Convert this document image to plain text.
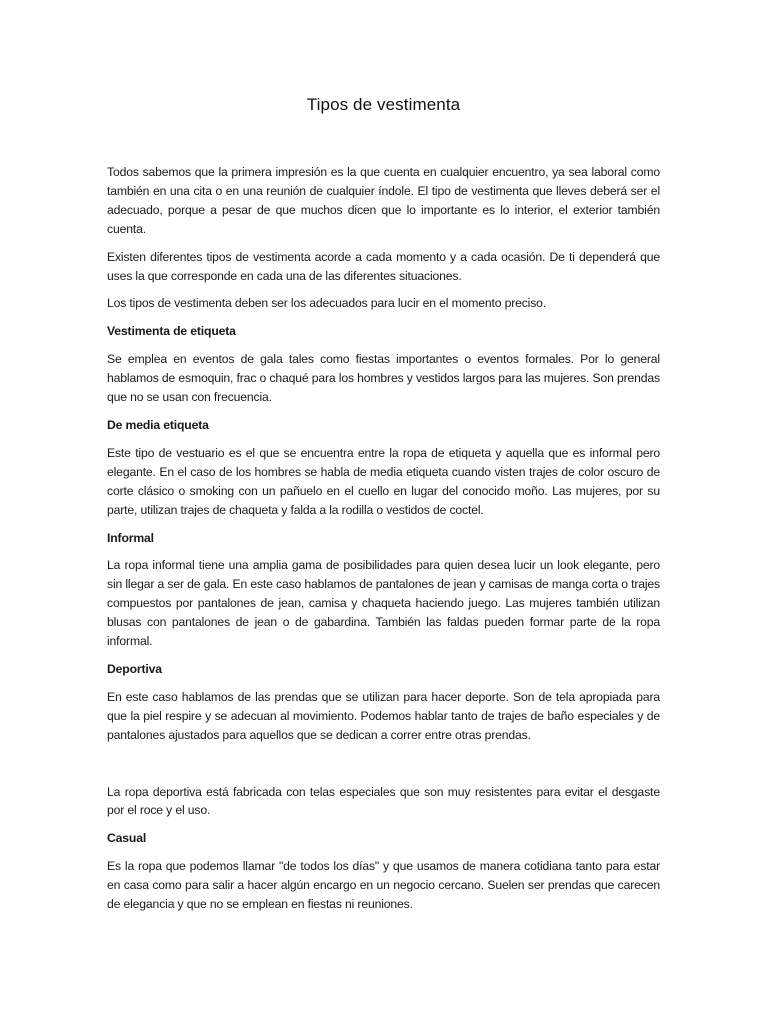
Tipos de vestimenta

Todos sabemos que la primera impresión es la que cuenta en cualquier encuentro, ya sea laboral como también en una cita o en una reunión de cualquier índole. El tipo de vestimenta que lleves deberá ser el adecuado, porque a pesar de que muchos dicen que lo importante es lo interior, el exterior también cuenta.

Existen diferentes tipos de vestimenta acorde a cada momento y a cada ocasión. De ti dependerá que uses la que corresponde en cada una de las diferentes situaciones.

Los tipos de vestimenta deben ser los adecuados para lucir en el momento preciso.

Vestimenta de etiqueta

Se emplea en eventos de gala tales como fiestas importantes o eventos formales. Por lo general hablamos de esmoquin, frac o chaqué para los hombres y vestidos largos para las mujeres. Son prendas que no se usan con frecuencia.

De media etiqueta

Este tipo de vestuario es el que se encuentra entre la ropa de etiqueta y aquella que es informal pero elegante. En el caso de los hombres se habla de media etiqueta cuando visten trajes de color oscuro de corte clásico o smoking con un pañuelo en el cuello en lugar del conocido moño. Las mujeres, por su parte, utilizan trajes de chaqueta y falda a la rodilla o vestidos de coctel.

Informal

La ropa informal tiene una amplia gama de posibilidades para quien desea lucir un look elegante, pero sin llegar a ser de gala. En este caso hablamos de pantalones de jean y camisas de manga corta o trajes compuestos por pantalones de jean, camisa y chaqueta haciendo juego. Las mujeres también utilizan blusas con pantalones de jean o de gabardina. También las faldas pueden formar parte de la ropa informal.

Deportiva

En este caso hablamos de las prendas que se utilizan para hacer deporte. Son de tela apropiada para que la piel respire y se adecuan al movimiento. Podemos hablar tanto de trajes de baño especiales y de pantalones ajustados para aquellos que se dedican a correr entre otras prendas.

La ropa deportiva está fabricada con telas especiales que son muy resistentes para evitar el desgaste por el roce y el uso.

Casual

Es la ropa que podemos llamar "de todos los días" y que usamos de manera cotidiana tanto para estar en casa como para salir a hacer algún encargo en un negocio cercano. Suelen ser prendas que carecen de elegancia y que no se emplean en fiestas ni reuniones.
